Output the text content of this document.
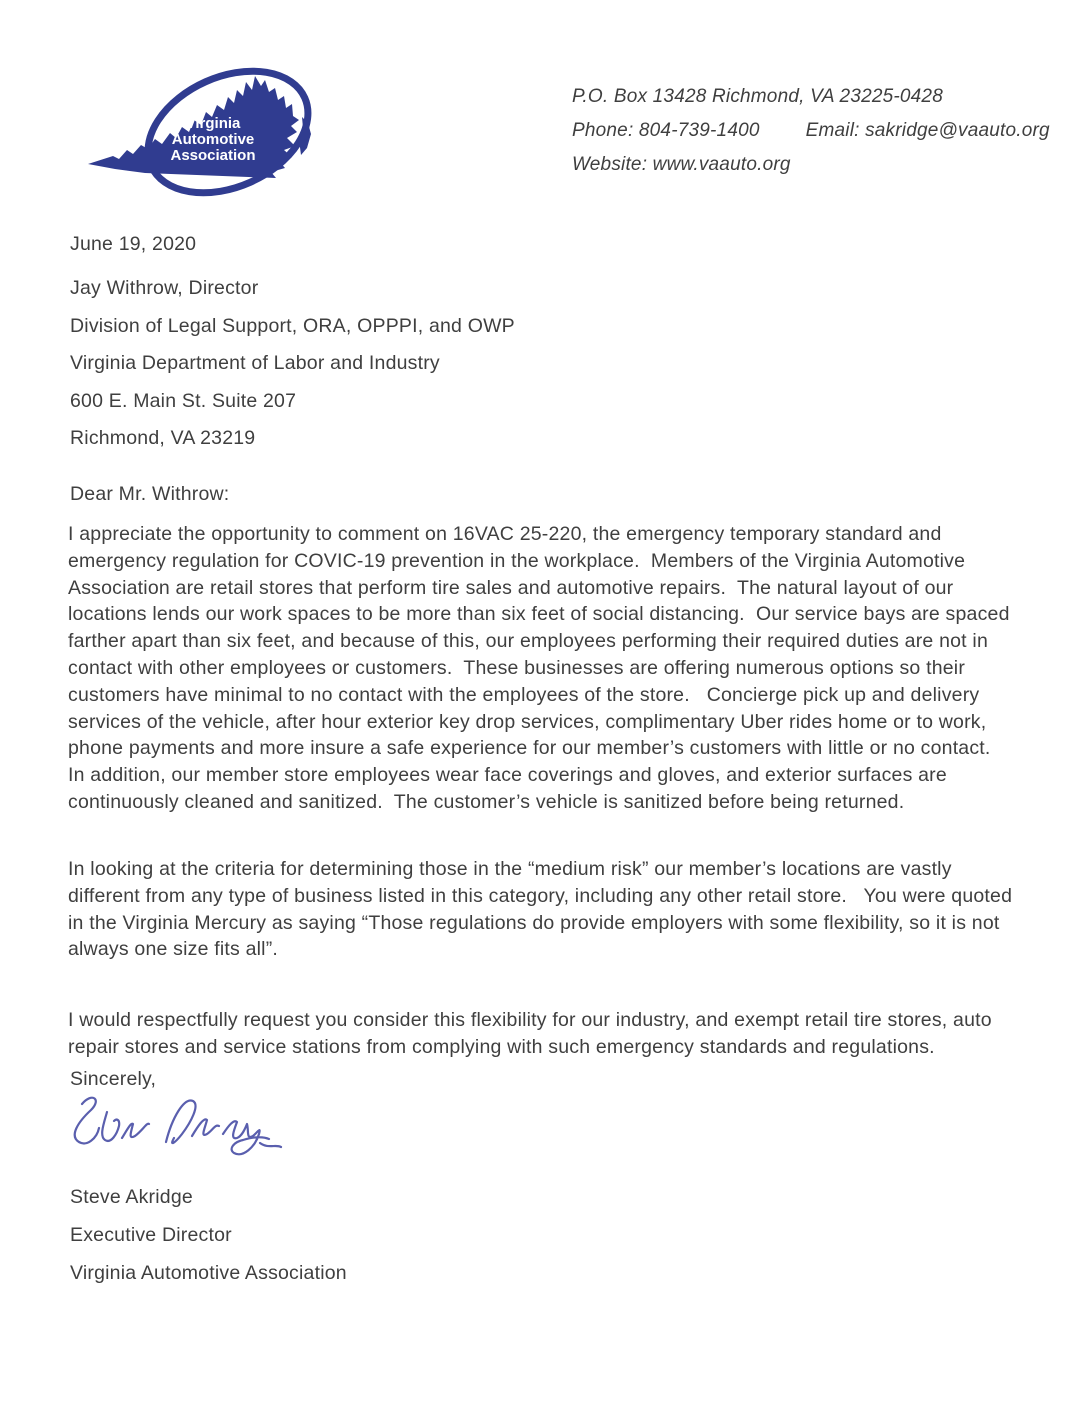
Virginia
Automotive
Association
P.O. Box 13428 Richmond, VA 23225-0428
Phone: 804-739-1400 Email: sakridge@vaauto.org
Website: www.vaauto.org
June 19, 2020
Jay Withrow, Director
Division of Legal Support, ORA, OPPPI, and OWP
Virginia Department of Labor and Industry
600 E. Main St. Suite 207
Richmond, VA 23219
Dear Mr. Withrow:
I appreciate the opportunity to comment on 16VAC 25-220, the emergency temporary standard and emergency regulation for COVIC-19 prevention in the workplace.  Members of the Virginia Automotive Association are retail stores that perform tire sales and automotive repairs.  The natural layout of our locations lends our work spaces to be more than six feet of social distancing.  Our service bays are spaced farther apart than six feet, and because of this, our employees performing their required duties are not in contact with other employees or customers.  These businesses are offering numerous options so their customers have minimal to no contact with the employees of the store.   Concierge pick up and delivery services of the vehicle, after hour exterior key drop services, complimentary Uber rides home or to work, phone payments and more insure a safe experience for our member’s customers with little or no contact.  In addition, our member store employees wear face coverings and gloves, and exterior surfaces are continuously cleaned and sanitized.  The customer’s vehicle is sanitized before being returned.
In looking at the criteria for determining those in the “medium risk” our member’s locations are vastly different from any type of business listed in this category, including any other retail store.   You were quoted in the Virginia Mercury as saying “Those regulations do provide employers with some flexibility, so it is not always one size fits all”.
I would respectfully request you consider this flexibility for our industry, and exempt retail tire stores, auto repair stores and service stations from complying with such emergency standards and regulations.
Sincerely,
Steve Akridge
Executive Director
Virginia Automotive Association
